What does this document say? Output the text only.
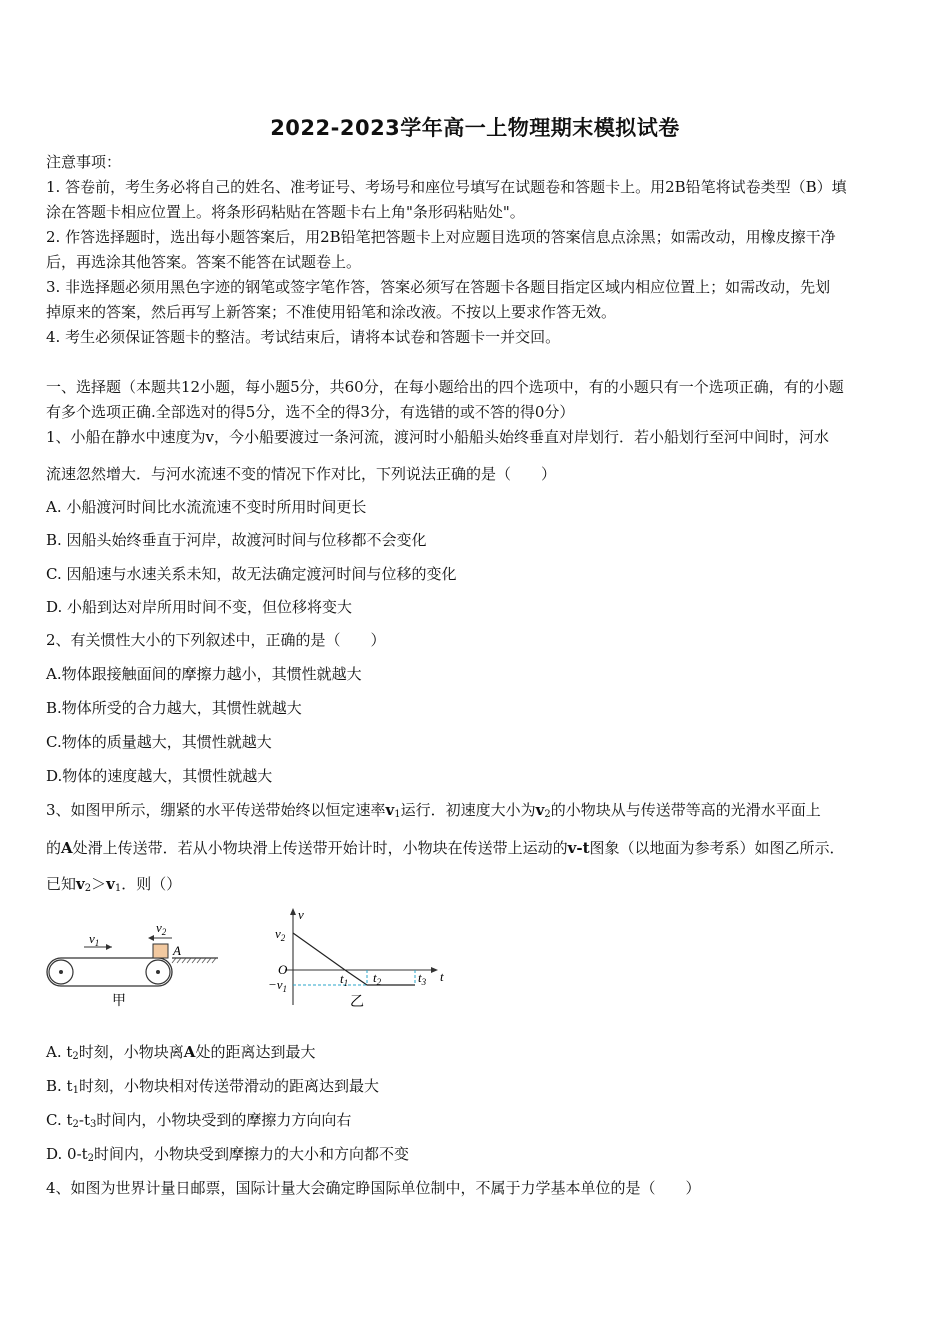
2022-2023学年高一上物理期末模拟试卷
注意事项：
1. 答卷前，考生务必将自己的姓名、准考证号、考场号和座位号填写在试题卷和答题卡上。用2B铅笔将试卷类型（B）填
涂在答题卡相应位置上。将条形码粘贴在答题卡右上角"条形码粘贴处"。
2. 作答选择题时，选出每小题答案后，用2B铅笔把答题卡上对应题目选项的答案信息点涂黑；如需改动，用橡皮擦干净
后，再选涂其他答案。答案不能答在试题卷上。
3. 非选择题必须用黑色字迹的钢笔或签字笔作答，答案必须写在答题卡各题目指定区域内相应位置上；如需改动，先划
掉原来的答案，然后再写上新答案；不准使用铅笔和涂改液。不按以上要求作答无效。
4. 考生必须保证答题卡的整洁。考试结束后，请将本试卷和答题卡一并交回。
一、选择题（本题共12小题，每小题5分，共60分，在每小题给出的四个选项中，有的小题只有一个选项正确，有的小题
有多个选项正确.全部选对的得5分，选不全的得3分，有选错的或不答的得0分）
1、小船在静水中速度为v，今小船要渡过一条河流，渡河时小船船头始终垂直对岸划行．若小船划行至河中间时，河水
流速忽然增大．与河水流速不变的情况下作对比，下列说法正确的是（　　）
A. 小船渡河时间比水流流速不变时所用时间更长
B. 因船头始终垂直于河岸，故渡河时间与位移都不会变化
C. 因船速与水速关系未知，故无法确定渡河时间与位移的变化
D. 小船到达对岸所用时间不变，但位移将变大
2、有关惯性大小的下列叙述中，正确的是（　　）
A.物体跟接触面间的摩擦力越小，其惯性就越大
B.物体所受的合力越大，其惯性就越大
C.物体的质量越大，其惯性就越大
D.物体的速度越大，其惯性就越大
3、如图甲所示，绷紧的水平传送带始终以恒定速率$v_1$运行．初速度大小为$v_2$的小物块从与传送带等高的光滑水平面上
的A处滑上传送带．若从小物块滑上传送带开始计时，小物块在传送带上运动的v-t图象（以地面为参考系）如图乙所示．
已知$v_2>v_1$．则（）
$v_1$
$v_2$
A
甲
v
t
O
$v_2$
$-v_1$
$t_1$ $t_2$	$t_3$
乙
A. $t_2$时刻，小物块离A处的距离达到最大
B. $t_1$时刻，小物块相对传送带滑动的距离达到最大
C. $t_2-t_3$时间内，小物块受到的摩擦力方向向右
D. $0-t_2$时间内，小物块受到摩擦力的大小和方向都不变
4、如图为世界计量日邮票，国际计量大会确定睁国际单位制中，不属于力学基本单位的是（　　）
